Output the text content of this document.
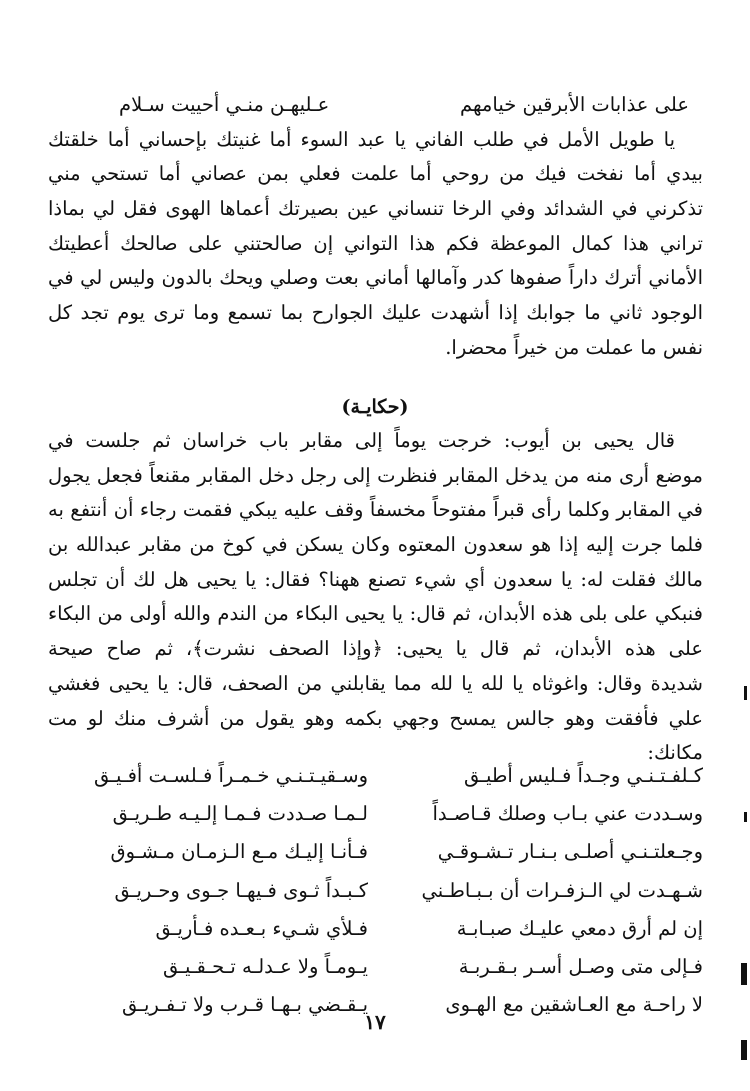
على عذابات الأبرقين خيامهم
عـليهـن منـي أحييت سـلام
يا طويل الأمل في طلب الفاني يا عبد السوء أما غنيتك بإحساني أما خلقتك
بيدي أما نفخت فيك من روحي أما علمت فعلي بمن عصاني أما تستحي مني
تذكرني في الشدائد وفي الرخا تنساني عين بصيرتك أعماها الهوى فقل لي بماذا
تراني هذا كمال الموعظة فكم هذا التواني إن صالحتني على صالحك أعطيتك
الأماني أترك داراً صفوها كدر وآمالها أماني بعت وصلي ويحك بالدون وليس لي في
الوجود ثاني ما جوابك إذا أشهدت عليك الجوارح بما تسمع وما ترى يوم تجد كل
نفس ما عملت من خيراً محضرا.
(حكايـة)
قال يحيى بن أيوب: خرجت يوماً إلى مقابر باب خراسان ثم جلست في
موضع أرى منه من يدخل المقابر فنظرت إلى رجل دخل المقابر مقنعاً فجعل يجول
في المقابر وكلما رأى قبراً مفتوحاً مخسفاً وقف عليه يبكي فقمت رجاء أن أنتفع به
فلما جرت إليه إذا هو سعدون المعتوه وكان يسكن في كوخ من مقابر عبدالله بن
مالك فقلت له: يا سعدون أي شيء تصنع ههنا؟ فقال: يا يحيى هل لك أن تجلس
فنبكي على بلى هذه الأبدان، ثم قال: يا يحيى البكاء من الندم والله أولى من البكاء
على هذه الأبدان، ثم قال يا يحيى: ﴿وإذا الصحف نشرت﴾، ثم صاح صيحة
شديدة وقال: واغوثاه يا لله يا لله مما يقابلني من الصحف، قال: يا يحيى فغشي
علي فأفقت وهو جالس يمسح وجهي بكمه وهو يقول من أشرف منك لو مت
مكانك:
كـلفـتـنـي وجـداً فـليس أطيـق
وسـقيـتـنـي خـمـراً فـلسـت أفـيـق
وسـددت عني بـاب وصلك قـاصـداً
لـمـا صـددت فـمـا إلـيـه طـريـق
وجـعلتـنـي أصلـى بـنـار تـشـوقـي
فـأنـا إليـك مـع الـزمـان مـشـوق
شـهـدت لي الـزفـرات أن بـبـاطـني
كـبـداً ثـوى فـيهـا جـوى وحـريـق
إن لم أرق دمعي عليـك صبـابـة
فـلأي شـيء بـعـده فـأريـق
فـإلى متى وصـل أسـر بـقـربـة
يـومـاً ولا عـدلـه تـحـقـيـق
لا راحـة مع العـاشقين مع الهـوى
يـقـضي بـهـا قـرب ولا تـفـريـق
١٧
